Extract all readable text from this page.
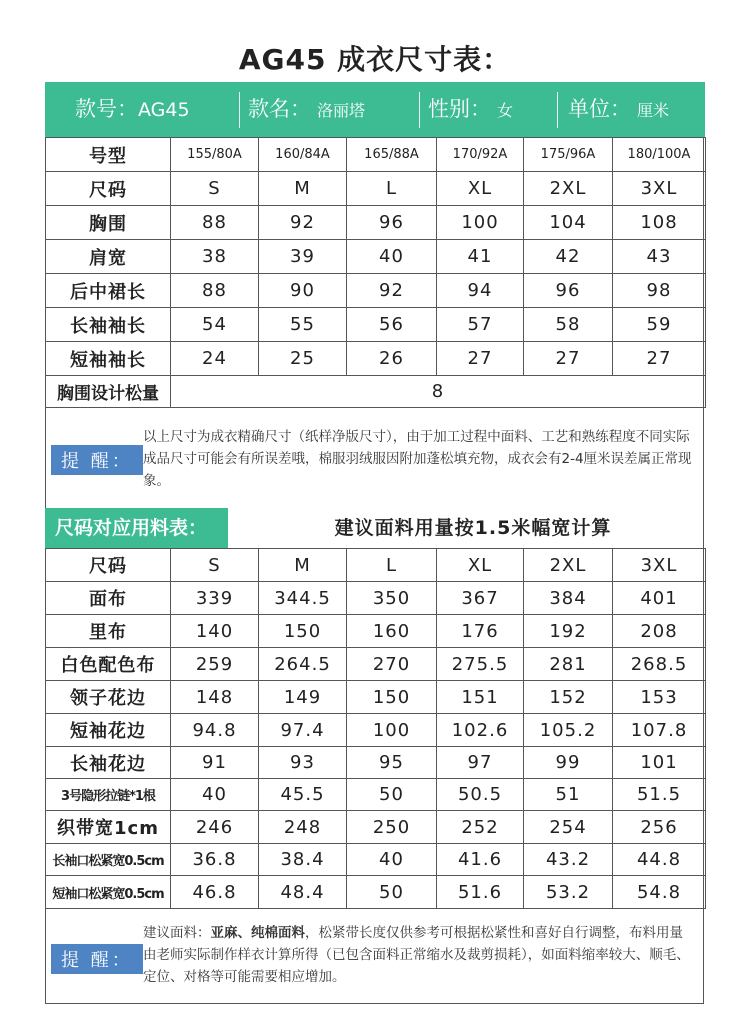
AG45 成衣尺寸表：
款号：AG45	款名： 洛丽塔	性别： 女	单位： 厘米
号型	155/80A	160/84A	165/88A	170/92A	175/96A	180/100A
尺码	S	M	L	XL	2XL	3XL
胸围	88	92	96	100	104	108
肩宽	38	39	40	41	42	43
后中裙长	88	90	92	94	96	98
长袖袖长	54	55	56	57	58	59
短袖袖长	24	25	26	27	27	27
胸围设计松量	8					
提 醒：
以上尺寸为成衣精确尺寸（纸样净版尺寸），由于加工过程中面料、工艺和熟练程度不同实际成品尺寸可能会有所误差哦，棉服羽绒服因附加蓬松填充物，成衣会有2-4厘米误差属正常现象。
尺码对应用料表：	建议面料用量按1.5米幅宽计算
尺码	S	M	L	XL	2XL	3XL
面布	339	344.5	350	367	384	401
里布	140	150	160	176	192	208
白色配色布	259	264.5	270	275.5	281	268.5
领子花边	148	149	150	151	152	153
短袖花边	94.8	97.4	100	102.6	105.2	107.8
长袖花边	91	93	95	97	99	101
3号隐形拉链*1根	40	45.5	50	50.5	51	51.5
织带宽1cm	246	248	250	252	254	256
长袖口松紧宽0.5cm	36.8	38.4	40	41.6	43.2	44.8
短袖口松紧宽0.5cm	46.8	48.4	50	51.6	53.2	54.8
提 醒：
建议面料：亚麻、纯棉面料，松紧带长度仅供参考可根据松紧性和喜好自行调整，布料用量由老师实际制作样衣计算所得（已包含面料正常缩水及裁剪损耗），如面料缩率较大、顺毛、定位、对格等可能需要相应增加。
